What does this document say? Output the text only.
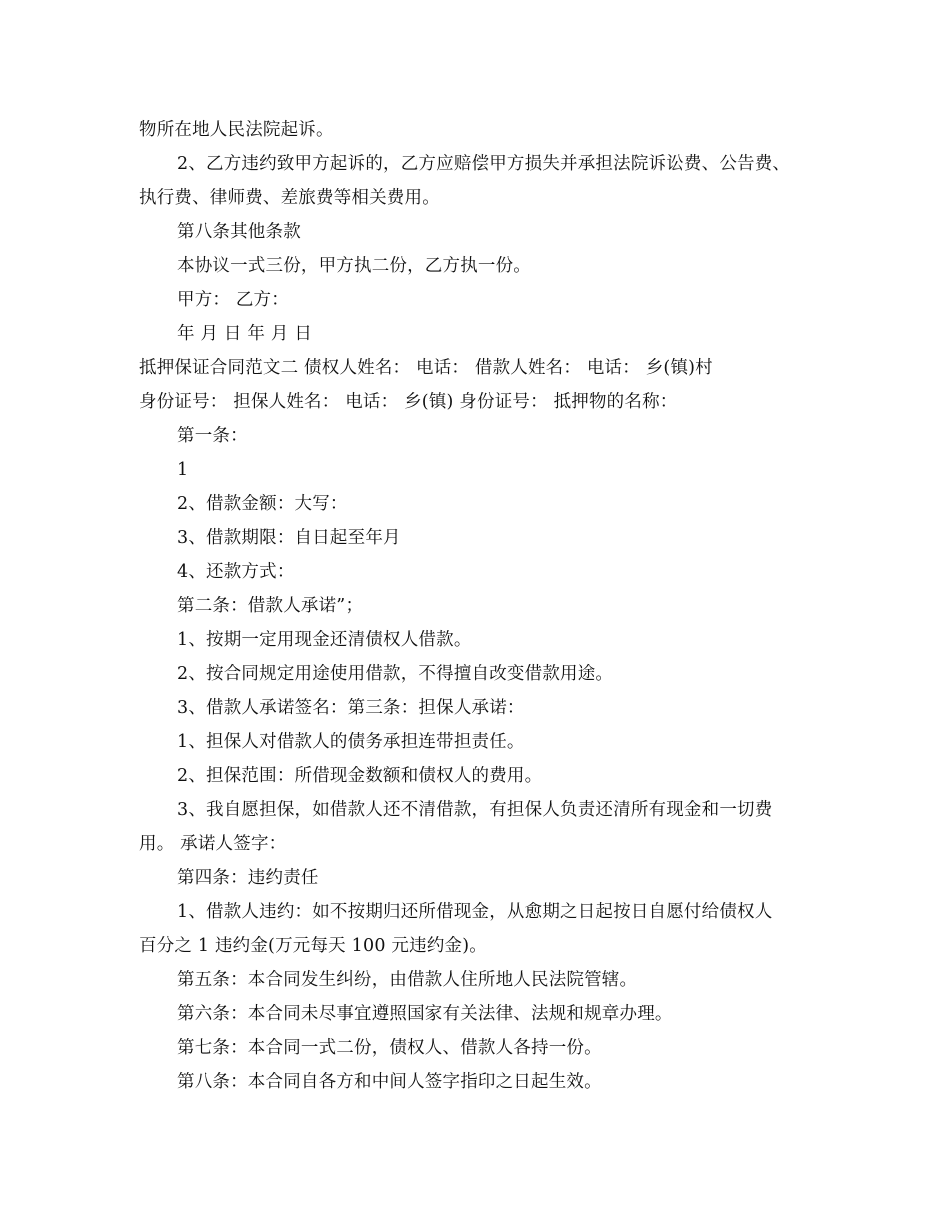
物所在地人民法院起诉。
2、乙方违约致甲方起诉的，乙方应赔偿甲方损失并承担法院诉讼费、公告费、
执行费、律师费、差旅费等相关费用。
第八条其他条款
本协议一式三份，甲方执二份，乙方执一份。
甲方： 乙方：
年 月 日 年 月 日
抵押保证合同范文二 债权人姓名： 电话： 借款人姓名： 电话： 乡(镇)村
身份证号： 担保人姓名： 电话： 乡(镇) 身份证号： 抵押物的名称：
第一条：
1
2、借款金额：大写：
3、借款期限：自日起至年月
4、还款方式：
第二条：借款人承诺”；
1、按期一定用现金还清债权人借款。
2、按合同规定用途使用借款，不得擅自改变借款用途。
3、借款人承诺签名：第三条：担保人承诺：
1、担保人对借款人的债务承担连带担责任。
2、担保范围：所借现金数额和债权人的费用。
3、我自愿担保，如借款人还不清借款，有担保人负责还清所有现金和一切费
用。 承诺人签字：
第四条：违约责任
1、借款人违约：如不按期归还所借现金，从愈期之日起按日自愿付给债权人
百分之 1 违约金(万元每天 100 元违约金)。
第五条：本合同发生纠纷，由借款人住所地人民法院管辖。
第六条：本合同未尽事宜遵照国家有关法律、法规和规章办理。
第七条：本合同一式二份，债权人、借款人各持一份。
第八条：本合同自各方和中间人签字指印之日起生效。
